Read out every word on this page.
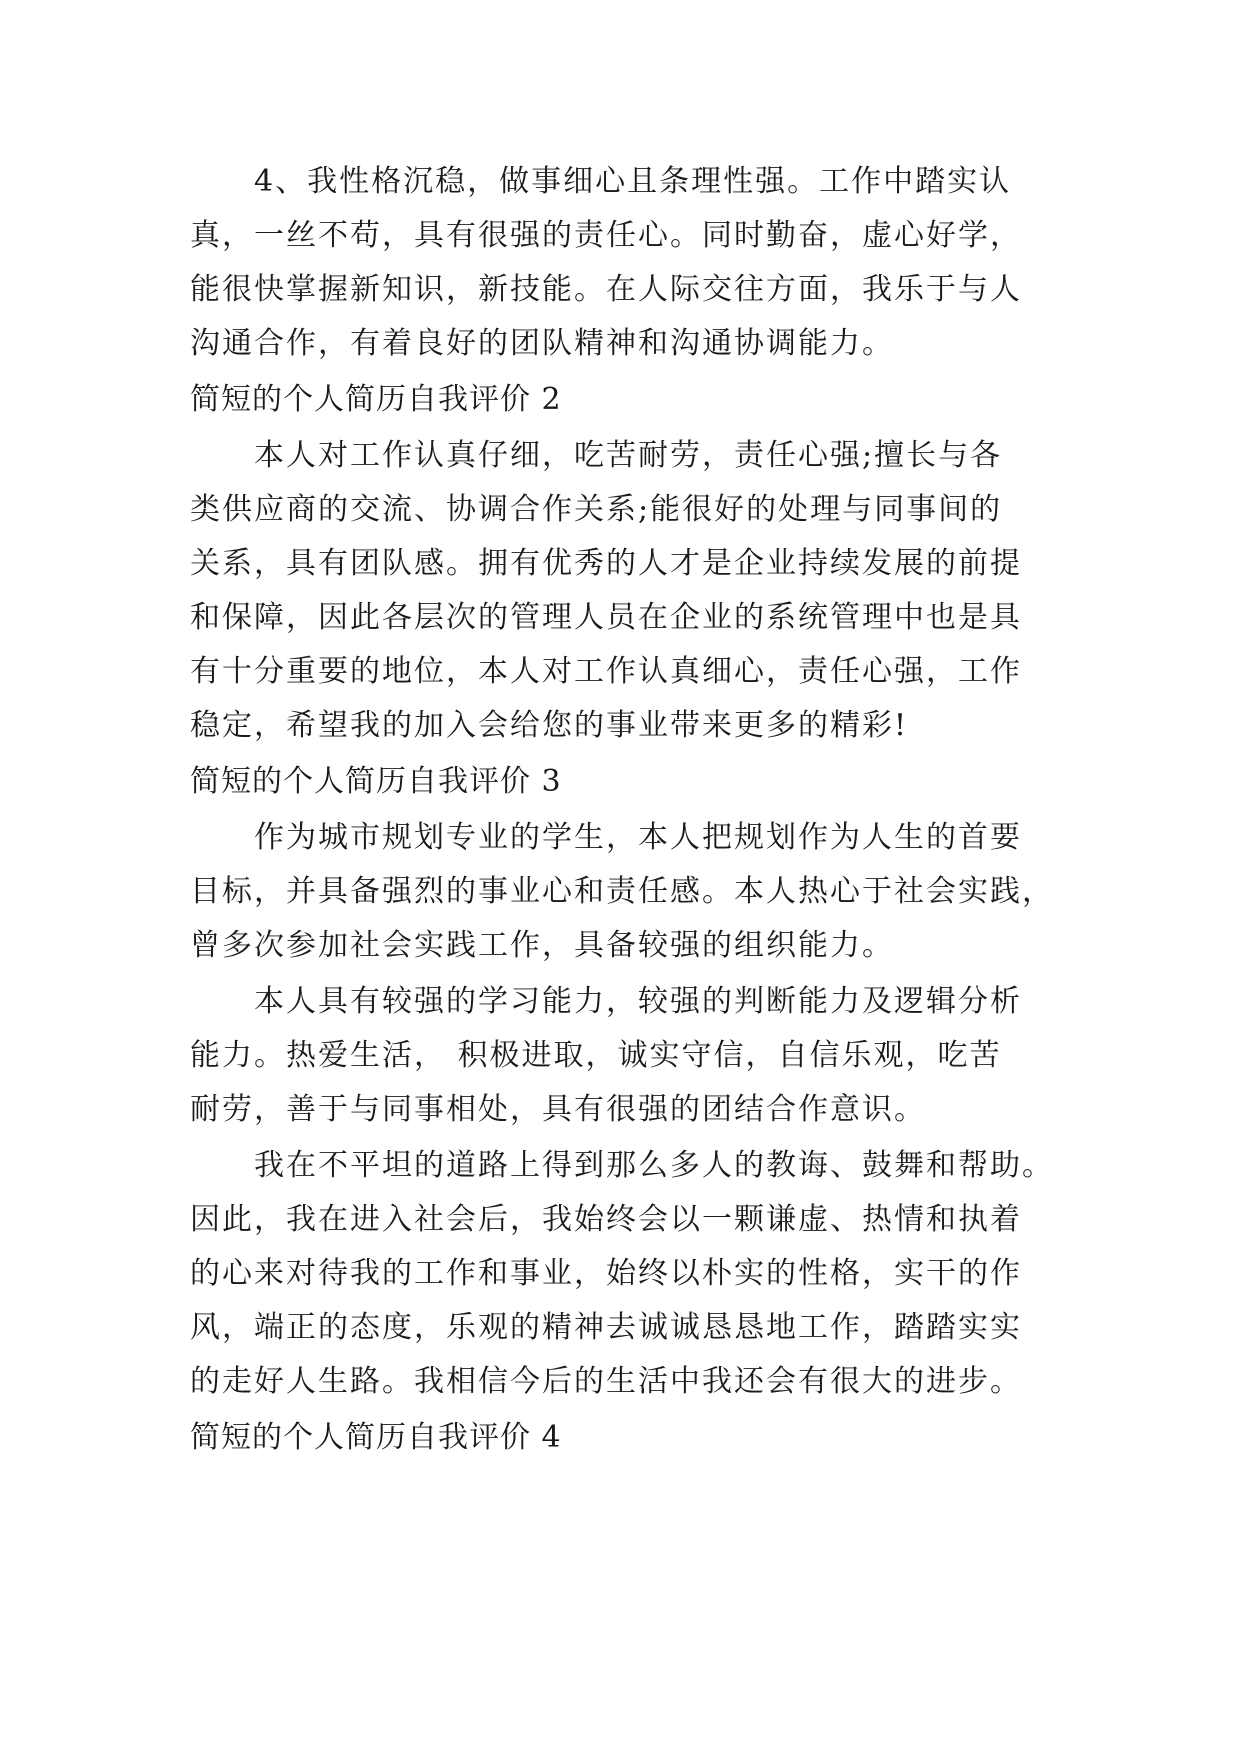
4、我性格沉稳，做事细心且条理性强。工作中踏实认
真，一丝不苟，具有很强的责任心。同时勤奋，虚心好学，
能很快掌握新知识，新技能。在人际交往方面，我乐于与人
沟通合作，有着良好的团队精神和沟通协调能力。
简短的个人简历自我评价 2
本人对工作认真仔细，吃苦耐劳，责任心强;擅长与各
类供应商的交流、协调合作关系;能很好的处理与同事间的
关系，具有团队感。拥有优秀的人才是企业持续发展的前提
和保障，因此各层次的管理人员在企业的系统管理中也是具
有十分重要的地位，本人对工作认真细心，责任心强，工作
稳定，希望我的加入会给您的事业带来更多的精彩!
简短的个人简历自我评价 3
作为城市规划专业的学生，本人把规划作为人生的首要
目标，并具备强烈的事业心和责任感。本人热心于社会实践，
曾多次参加社会实践工作，具备较强的组织能力。
本人具有较强的学习能力，较强的判断能力及逻辑分析
能力。热爱生活， 积极进取，诚实守信，自信乐观，吃苦
耐劳，善于与同事相处，具有很强的团结合作意识。
我在不平坦的道路上得到那么多人的教诲、鼓舞和帮助。
因此，我在进入社会后，我始终会以一颗谦虚、热情和执着
的心来对待我的工作和事业，始终以朴实的性格，实干的作
风，端正的态度，乐观的精神去诚诚恳恳地工作，踏踏实实
的走好人生路。我相信今后的生活中我还会有很大的进步。
简短的个人简历自我评价 4
